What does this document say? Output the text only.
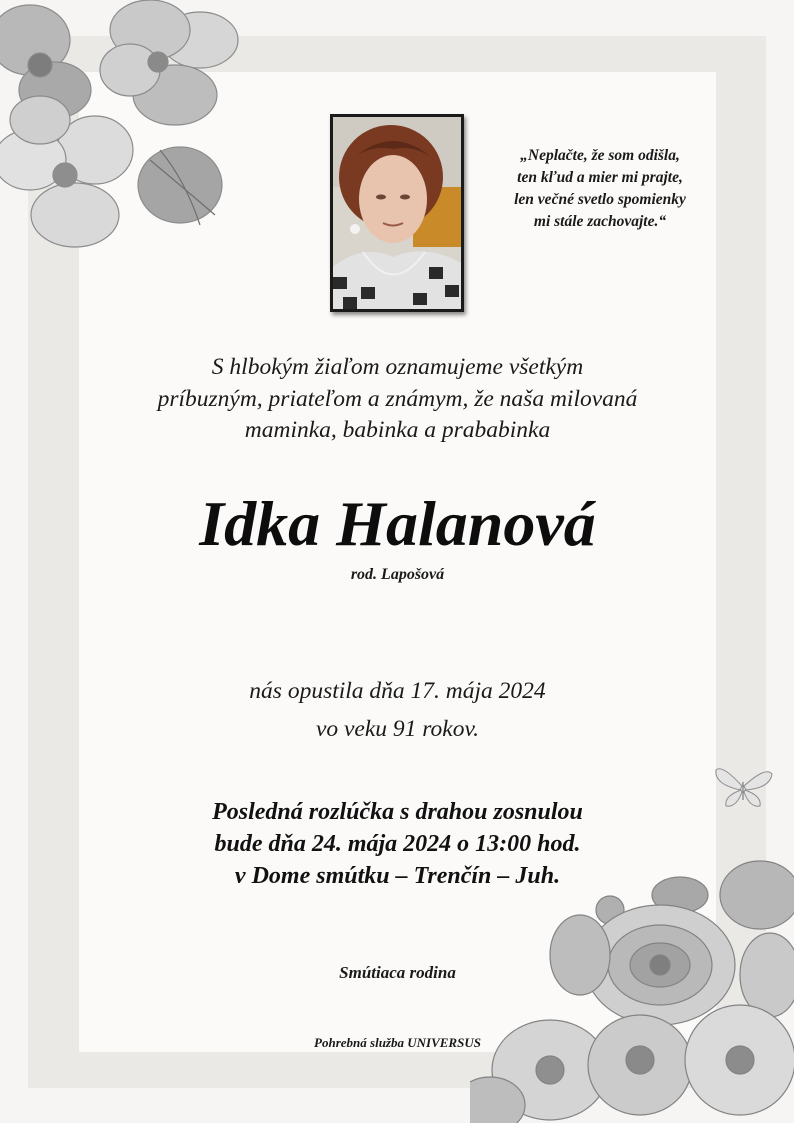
„Neplačte, že som odišla,
ten kľud a mier mi prajte,
len večné svetlo spomienky
mi stále zachovajte.“
S hlbokým žiaľom oznamujeme všetkým
príbuzným, priateľom a známym, že naša milovaná
maminka, babinka a prababinka
Idka Halanová
rod. Lapošová
nás opustila dňa 17. mája 2024
vo veku 91 rokov.
Posledná rozlúčka s drahou zosnulou
bude dňa 24. mája 2024 o 13:00 hod.
v Dome smútku – Trenčín – Juh.
Smútiaca rodina
Pohrebná služba UNIVERSUS
